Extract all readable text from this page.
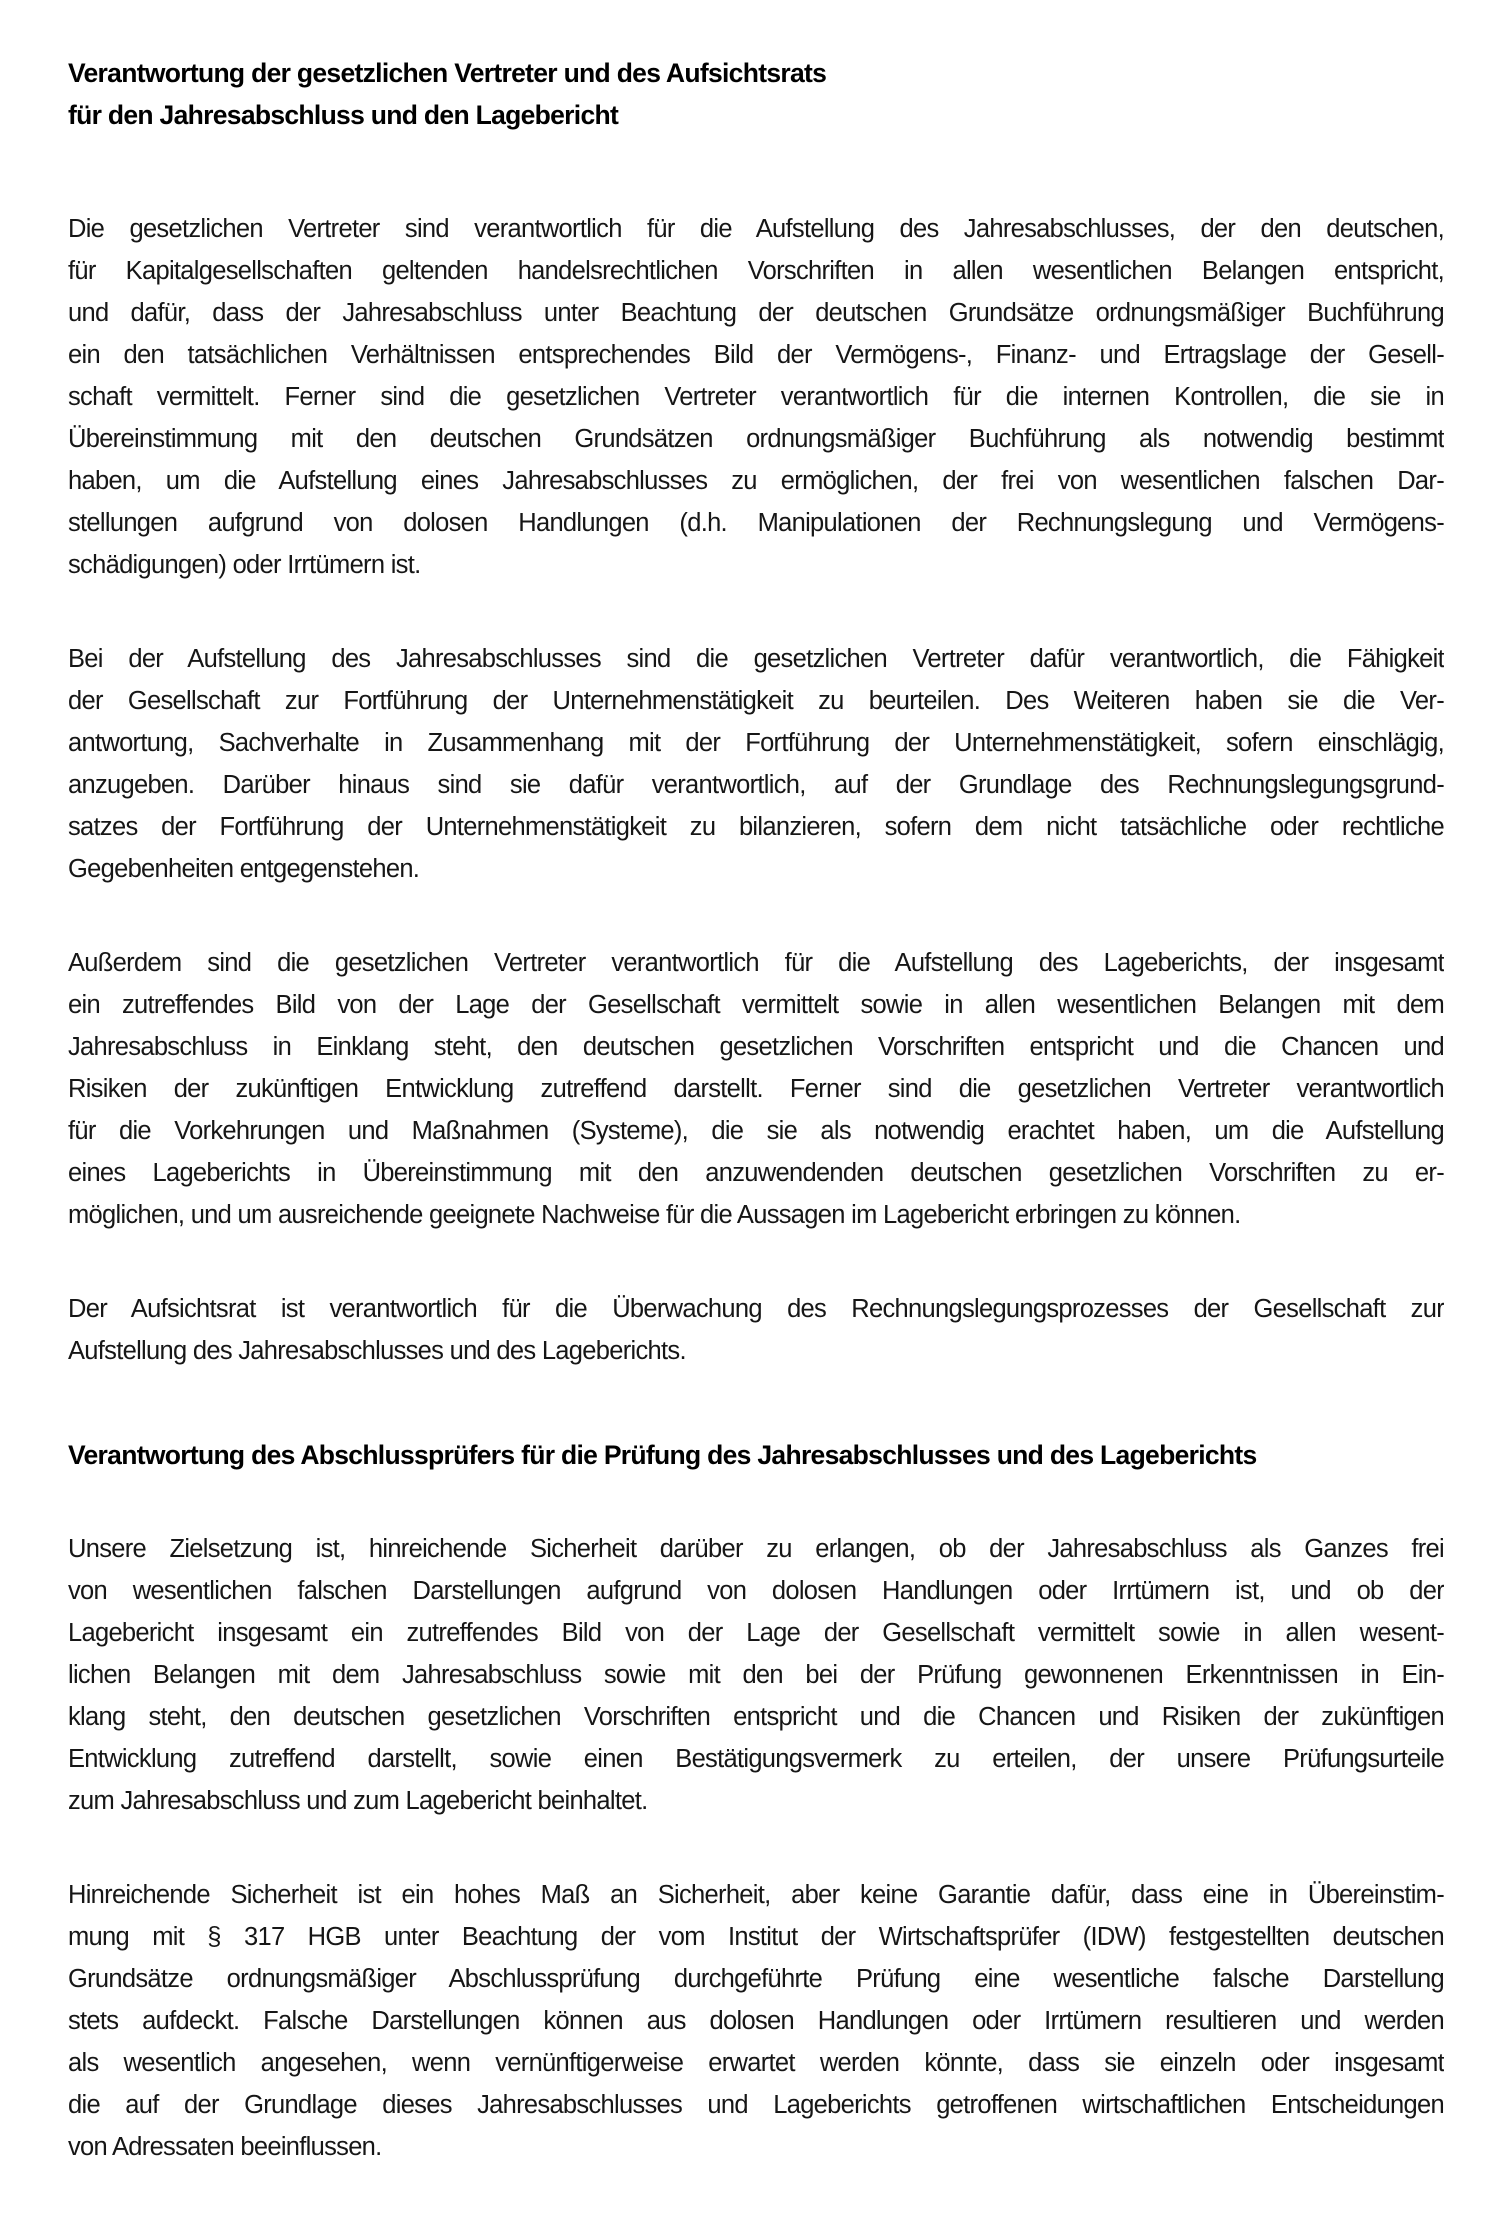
Verantwortung der gesetzlichen Vertreter und des Aufsichtsrats
für den Jahresabschluss und den Lagebericht
Die gesetzlichen Vertreter sind verantwortlich für die Aufstellung des Jahresabschlusses, der den deutschen,
für Kapitalgesellschaften geltenden handelsrechtlichen Vorschriften in allen wesentlichen Belangen entspricht,
und dafür, dass der Jahresabschluss unter Beachtung der deutschen Grundsätze ordnungsmäßiger Buchführung
ein den tatsächlichen Verhältnissen entsprechendes Bild der Vermögens-, Finanz- und Ertragslage der Gesell-
schaft vermittelt. Ferner sind die gesetzlichen Vertreter verantwortlich für die internen Kontrollen, die sie in
Übereinstimmung mit den deutschen Grundsätzen ordnungsmäßiger Buchführung als notwendig bestimmt
haben, um die Aufstellung eines Jahresabschlusses zu ermöglichen, der frei von wesentlichen falschen Dar-
stellungen aufgrund von dolosen Handlungen (d.h. Manipulationen der Rechnungslegung und Vermögens-
schädigungen) oder Irrtümern ist.
Bei der Aufstellung des Jahresabschlusses sind die gesetzlichen Vertreter dafür verantwortlich, die Fähigkeit
der Gesellschaft zur Fortführung der Unternehmenstätigkeit zu beurteilen. Des Weiteren haben sie die Ver-
antwortung, Sachverhalte in Zusammenhang mit der Fortführung der Unternehmenstätigkeit, sofern einschlägig,
anzugeben. Darüber hinaus sind sie dafür verantwortlich, auf der Grundlage des Rechnungslegungsgrund-
satzes der Fortführung der Unternehmenstätigkeit zu bilanzieren, sofern dem nicht tatsächliche oder rechtliche
Gegebenheiten entgegenstehen.
Außerdem sind die gesetzlichen Vertreter verantwortlich für die Aufstellung des Lageberichts, der insgesamt
ein zutreffendes Bild von der Lage der Gesellschaft vermittelt sowie in allen wesentlichen Belangen mit dem
Jahresabschluss in Einklang steht, den deutschen gesetzlichen Vorschriften entspricht und die Chancen und
Risiken der zukünftigen Entwicklung zutreffend darstellt. Ferner sind die gesetzlichen Vertreter verantwortlich
für die Vorkehrungen und Maßnahmen (Systeme), die sie als notwendig erachtet haben, um die Aufstellung
eines Lageberichts in Übereinstimmung mit den anzuwendenden deutschen gesetzlichen Vorschriften zu er-
möglichen, und um ausreichende geeignete Nachweise für die Aussagen im Lagebericht erbringen zu können.
Der Aufsichtsrat ist verantwortlich für die Überwachung des Rechnungslegungsprozesses der Gesellschaft zur
Aufstellung des Jahresabschlusses und des Lageberichts.
Verantwortung des Abschlussprüfers für die Prüfung des Jahresabschlusses und des Lageberichts
Unsere Zielsetzung ist, hinreichende Sicherheit darüber zu erlangen, ob der Jahresabschluss als Ganzes frei
von wesentlichen falschen Darstellungen aufgrund von dolosen Handlungen oder Irrtümern ist, und ob der
Lagebericht insgesamt ein zutreffendes Bild von der Lage der Gesellschaft vermittelt sowie in allen wesent-
lichen Belangen mit dem Jahresabschluss sowie mit den bei der Prüfung gewonnenen Erkenntnissen in Ein-
klang steht, den deutschen gesetzlichen Vorschriften entspricht und die Chancen und Risiken der zukünftigen
Entwicklung zutreffend darstellt, sowie einen Bestätigungsvermerk zu erteilen, der unsere Prüfungsurteile
zum Jahresabschluss und zum Lagebericht beinhaltet.
Hinreichende Sicherheit ist ein hohes Maß an Sicherheit, aber keine Garantie dafür, dass eine in Übereinstim-
mung mit § 317 HGB unter Beachtung der vom Institut der Wirtschaftsprüfer (IDW) festgestellten deutschen
Grundsätze ordnungsmäßiger Abschlussprüfung durchgeführte Prüfung eine wesentliche falsche Darstellung
stets aufdeckt. Falsche Darstellungen können aus dolosen Handlungen oder Irrtümern resultieren und werden
als wesentlich angesehen, wenn vernünftigerweise erwartet werden könnte, dass sie einzeln oder insgesamt
die auf der Grundlage dieses Jahresabschlusses und Lageberichts getroffenen wirtschaftlichen Entscheidungen
von Adressaten beeinflussen.
